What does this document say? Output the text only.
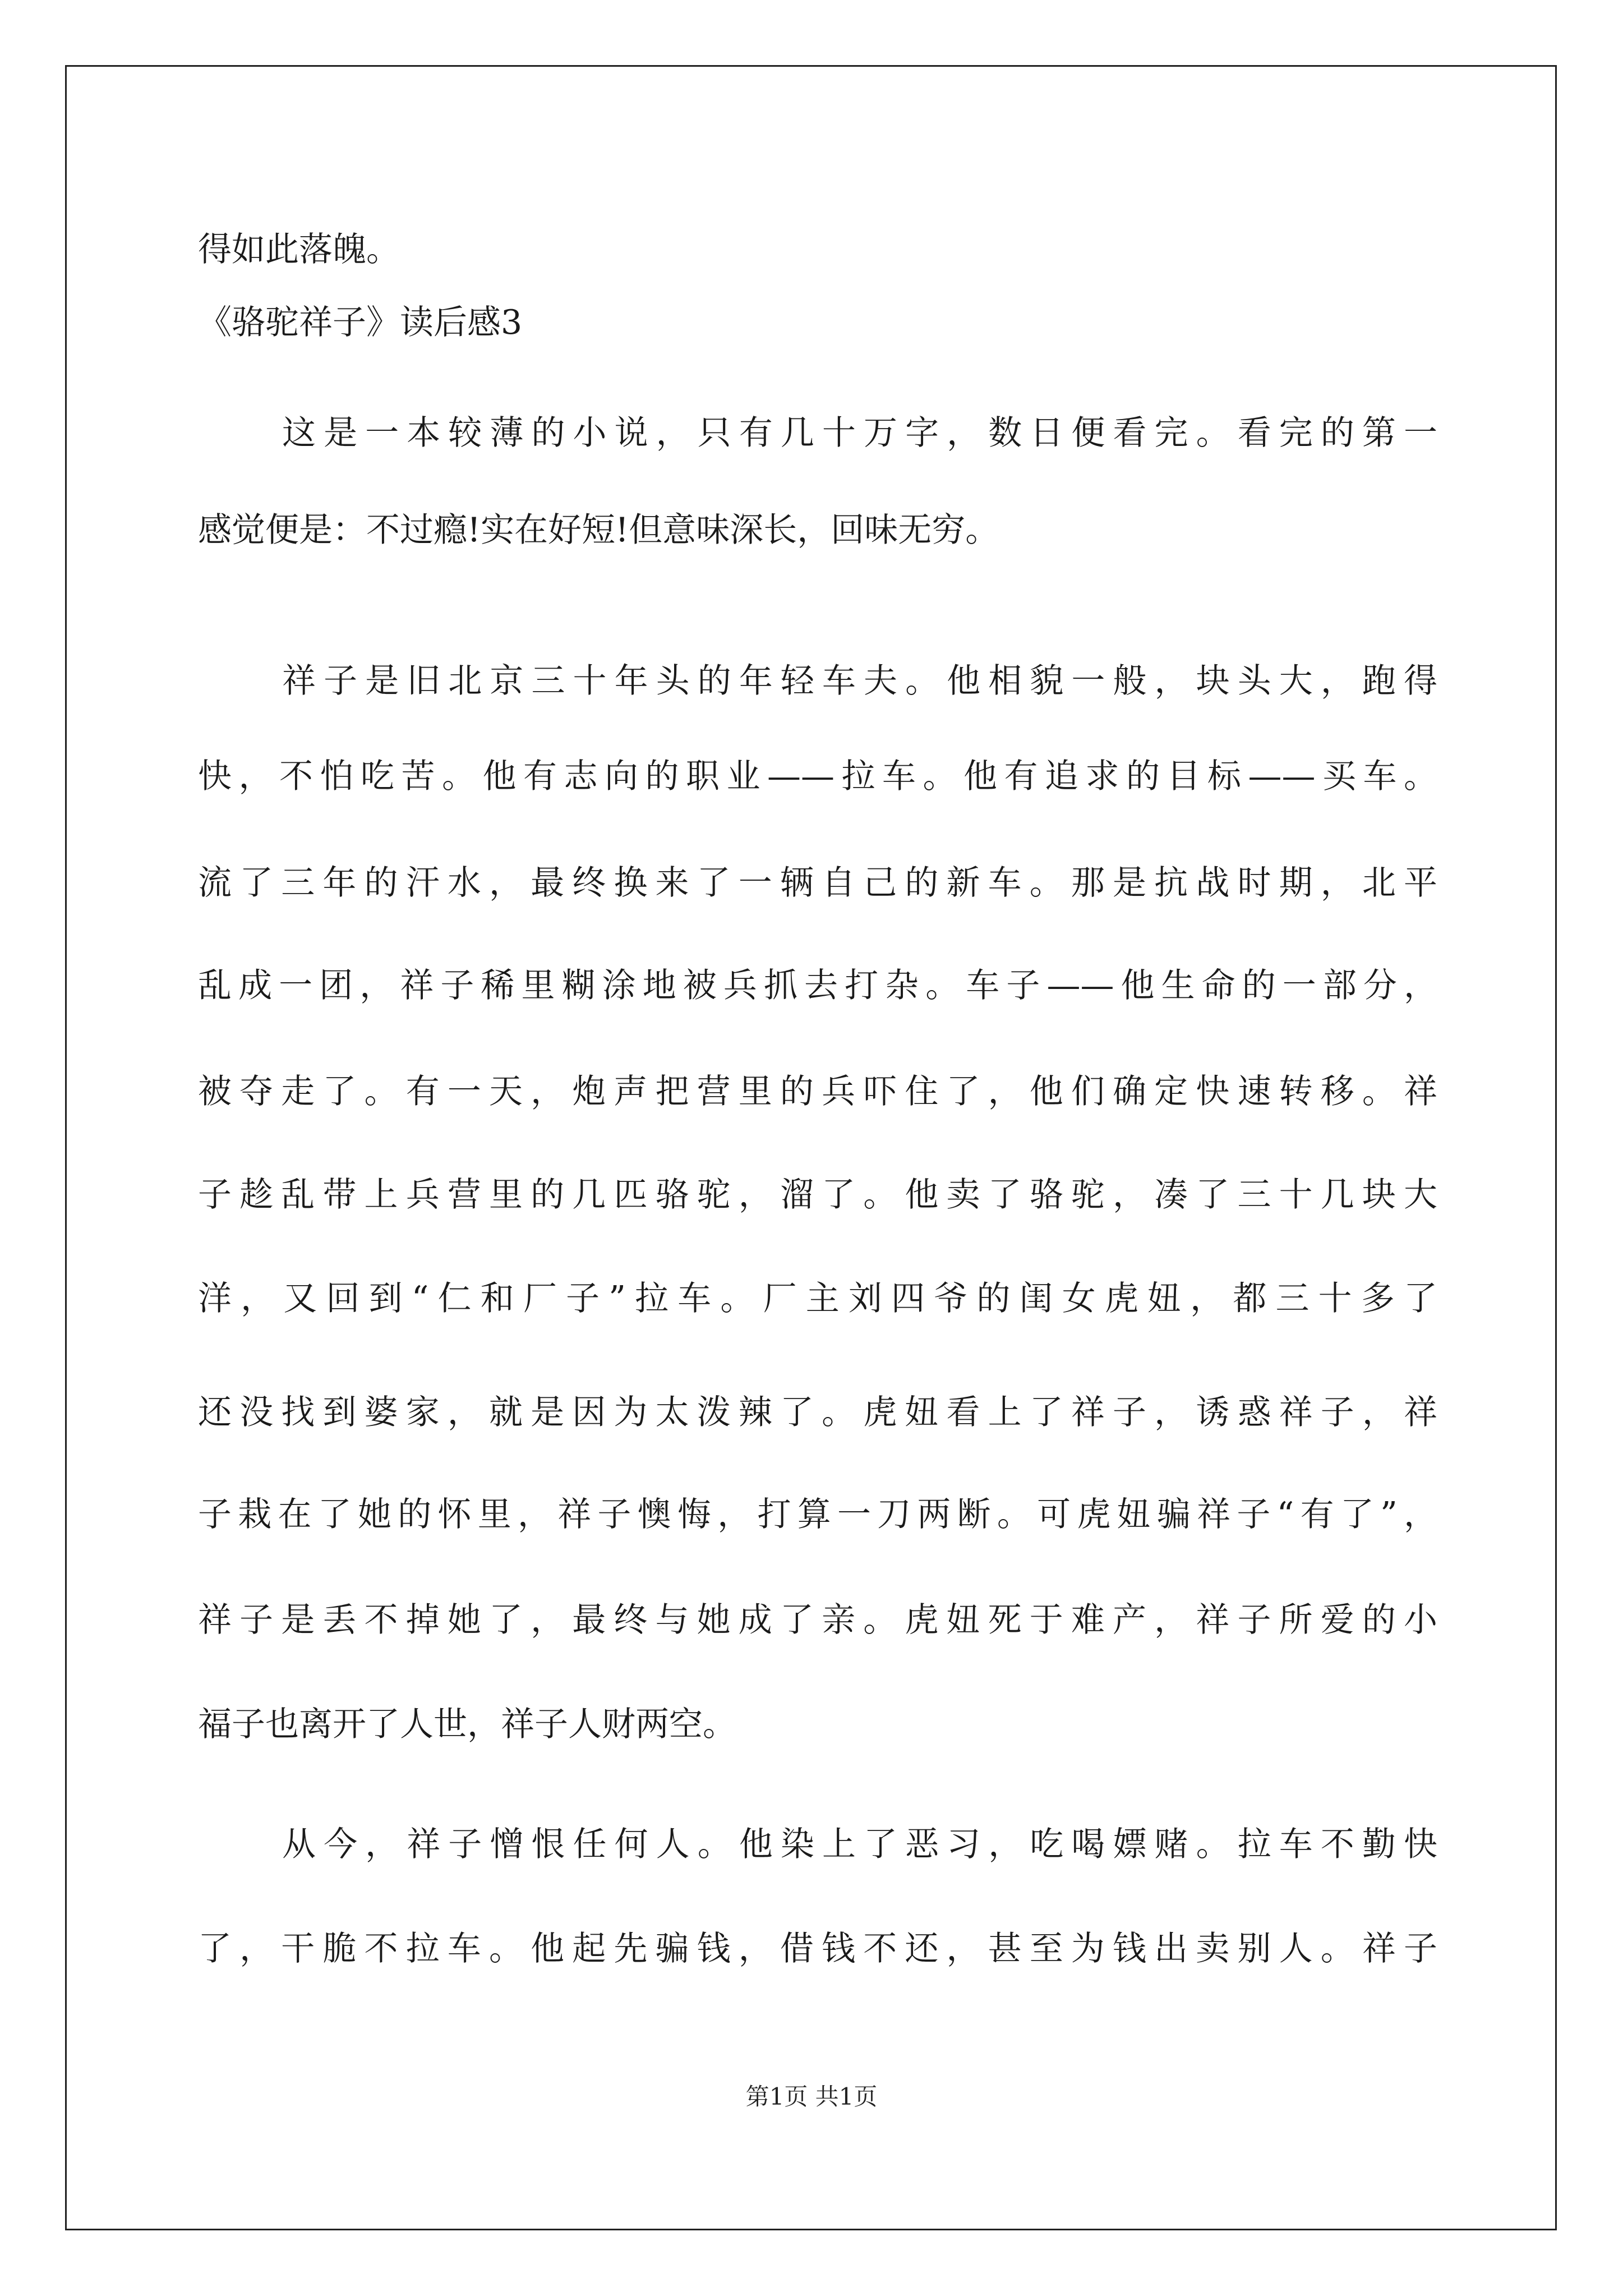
得如此落魄。
《骆驼祥子》读后感3
这是一本较薄的小说，只有几十万字，数日便看完。看完的第一
感觉便是：不过瘾!实在好短!但意味深长，回味无穷。
祥子是旧北京三十年头的年轻车夫。他相貌一般，块头大，跑得
快，不怕吃苦。他有志向的职业——拉车。他有追求的目标——买车。
流了三年的汗水，最终换来了一辆自己的新车。那是抗战时期，北平
乱成一团，祥子稀里糊涂地被兵抓去打杂。车子——他生命的一部分，
被夺走了。有一天，炮声把营里的兵吓住了，他们确定快速转移。祥
子趁乱带上兵营里的几匹骆驼，溜了。他卖了骆驼，凑了三十几块大
洋，又回到“仁和厂子”拉车。厂主刘四爷的闺女虎妞，都三十多了
还没找到婆家，就是因为太泼辣了。虎妞看上了祥子，诱惑祥子，祥
子栽在了她的怀里，祥子懊悔，打算一刀两断。可虎妞骗祥子“有了”，
祥子是丢不掉她了，最终与她成了亲。虎妞死于难产，祥子所爱的小
福子也离开了人世，祥子人财两空。
从今，祥子憎恨任何人。他染上了恶习，吃喝嫖赌。拉车不勤快
了，干脆不拉车。他起先骗钱，借钱不还，甚至为钱出卖别人。祥子
第1页 共1页
